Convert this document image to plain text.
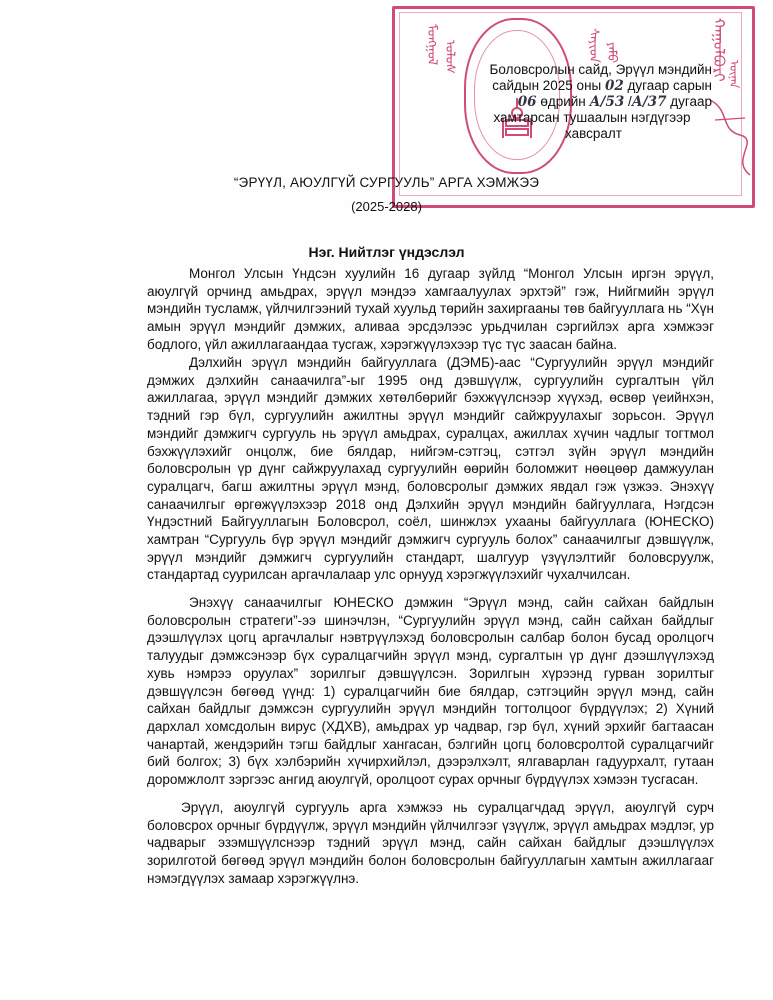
ᠮᠣᠩᠭᠣᠯ ᠤᠯᠤᠰ	ᠰᠠᠶᠢᠳ ᠶᠠᠮᠤ	ᠬᠠᠭᠤᠯᠪᠤᠷᠢ ᠦᠨᠡᠨ
Боловсролын сайд, Эрүүл мэндийн
сайдын 2025 оны 02 дугаар сарын
06 өдрийн А/53 /А/37 дугаар
хамтарсан тушаалын нэгдүгээр
хавсралт
“ЭРҮҮЛ, АЮУЛГҮЙ СУРГУУЛЬ” АРГА ХЭМЖЭЭ
(2025-2028)
Нэг. Нийтлэг үндэслэл

Монгол Улсын Үндсэн хуулийн 16 дугаар зүйлд “Монгол Улсын иргэн эрүүл, аюулгүй орчинд амьдрах, эрүүл мэндээ хамгаалуулах эрхтэй” гэж, Нийгмийн эрүүл мэндийн тусламж, үйлчилгээний тухай хуульд төрийн захиргааны төв байгууллага нь “Хүн амын эрүүл мэндийг дэмжих, аливаа эрсдэлээс урьдчилан сэргийлэх арга хэмжээг бодлого, үйл ажиллагаандаа тусгаж, хэрэгжүүлэхээр түс түс заасан байна.

Дэлхийн эрүүл мэндийн байгууллага (ДЭМБ)-аас “Сургуулийн эрүүл мэндийг дэмжих дэлхийн санаачилга”-ыг 1995 онд дэвшүүлж, сургуулийн сургалтын үйл ажиллагаа, эрүүл мэндийг дэмжих хөтөлбөрийг бэхжүүлснээр хүүхэд, өсвөр үеийнхэн, тэдний гэр бүл, сургуулийн ажилтны эрүүл мэндийг сайжруулахыг зорьсон. Эрүүл мэндийг дэмжигч сургууль нь эрүүл амьдрах, суралцах, ажиллах хүчин чадлыг тогтмол бэхжүүлэхийг онцолж, бие бялдар, нийгэм-сэтгэц, сэтгэл зүйн эрүүл мэндийн боловсролын үр дүнг сайжруулахад сургуулийн өөрийн боломжит нөөцөөр дамжуулан суралцагч, багш ажилтны эрүүл мэнд, боловсролыг дэмжих явдал гэж үзжээ. Энэхүү санаачилгыг өргөжүүлэхээр 2018 онд Дэлхийн эрүүл мэндийн байгууллага, Нэгдсэн Үндэстний Байгууллагын Боловсрол, соёл, шинжлэх ухааны байгууллага (ЮНЕСКО) хамтран “Сургууль бүр эрүүл мэндийг дэмжигч сургууль болох” санаачилгыг дэвшүүлж, эрүүл мэндийг дэмжигч сургуулийн стандарт, шалгуур үзүүлэлтийг боловсруулж, стандартад суурилсан аргачлалаар улс орнууд хэрэгжүүлэхийг чухалчилсан.

Энэхүү санаачилгыг ЮНЕСКО дэмжин “Эрүүл мэнд, сайн сайхан байдлын боловсролын стратеги”-ээ шинэчлэн, “Сургуулийн эрүүл мэнд, сайн сайхан байдлыг дээшлүүлэх цогц аргачлалыг нэвтрүүлэхэд боловсролын салбар болон бусад оролцогч талуудыг дэмжсэнээр бүх суралцагчийн эрүүл мэнд, сургалтын үр дүнг дээшлүүлэхэд хувь нэмрээ оруулах” зорилгыг дэвшүүлсэн. Зорилгын хүрээнд гурван зорилтыг дэвшүүлсэн бөгөөд үүнд: 1) суралцагчийн бие бялдар, сэтгэцийн эрүүл мэнд, сайн сайхан байдлыг дэмжсэн сургуулийн эрүүл мэндийн тогтолцоог бүрдүүлэх; 2) Хүний дархлал хомсдолын вирус (ХДХВ), амьдрах ур чадвар, гэр бүл, хүний эрхийг багтаасан чанартай, жендэрийн тэгш байдлыг хангасан, бэлгийн цогц боловсролтой суралцагчийг бий болгох; 3) бүх хэлбэрийн хүчирхийлэл, дээрэлхэлт, ялгаварлан гадуурхалт, гутаан доромжлолт зэргээс ангид аюулгүй, оролцоот сурах орчныг бүрдүүлэх хэмээн тусгасан.

Эрүүл, аюулгүй сургууль арга хэмжээ нь суралцагчдад эрүүл, аюулгүй сурч боловсрох орчныг бүрдүүлж, эрүүл мэндийн үйлчилгээг үзүүлж, эрүүл амьдрах мэдлэг, ур чадварыг эзэмшүүлснээр тэдний эрүүл мэнд, сайн сайхан байдлыг дээшлүүлэх зорилготой бөгөөд эрүүл мэндийн болон боловсролын байгууллагын хамтын ажиллагааг нэмэгдүүлэх замаар хэрэгжүүлнэ.
